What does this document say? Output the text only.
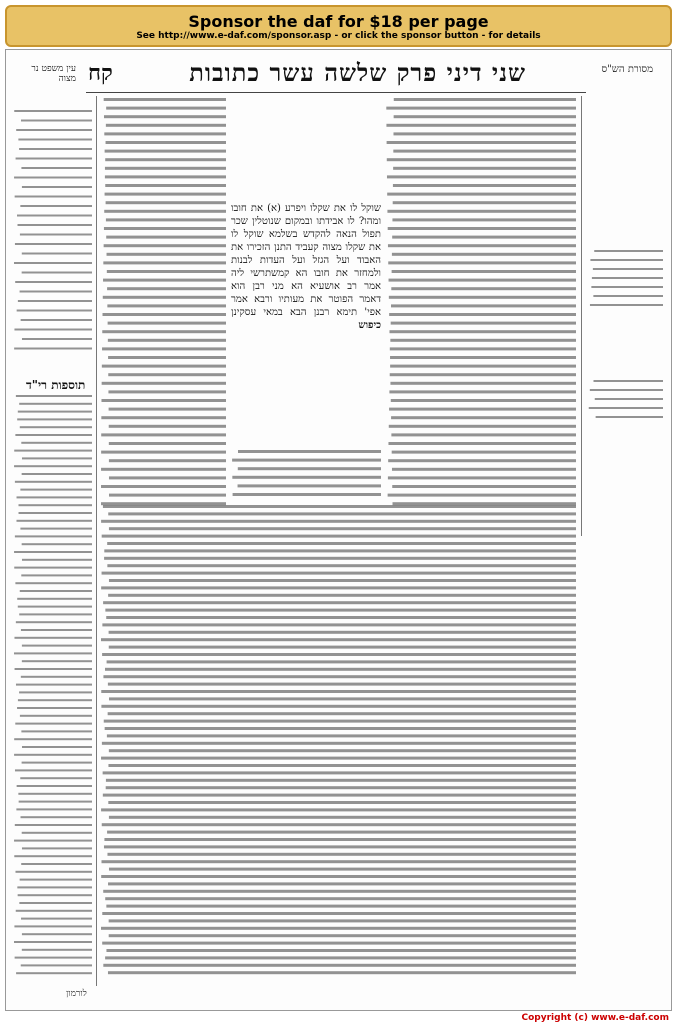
Sponsor the daf for $18 per page
See http://www.e-daf.com/sponsor.asp - or click the sponsor button - for details
עין משפט נר מצוה קח	שני דיני פרק שלשה עשר כתובות	מסורת הש"ס
תוספות רי"ד
שוקל לו את שקלו ויפרע (א) את חובו ומהו? לו אבידתו ובמקום שנוטלין שכר תפול הנאה להקדש בשלמא שוקל לו את שקלו מצוה קעביד התנן הזכירו את האבוד ועל הגזל ועל העדות לבנות ולמחזר את חובו הא קמשתרשי ליה אמר רב אושעיא הא מני רבן הוא דאמר הפוטר את מעותיו ורבא אמר אפי' תימא רבנן הבא במאי עסקינן כיפוש
לורמון
Copyright (c) www.e-daf.com
